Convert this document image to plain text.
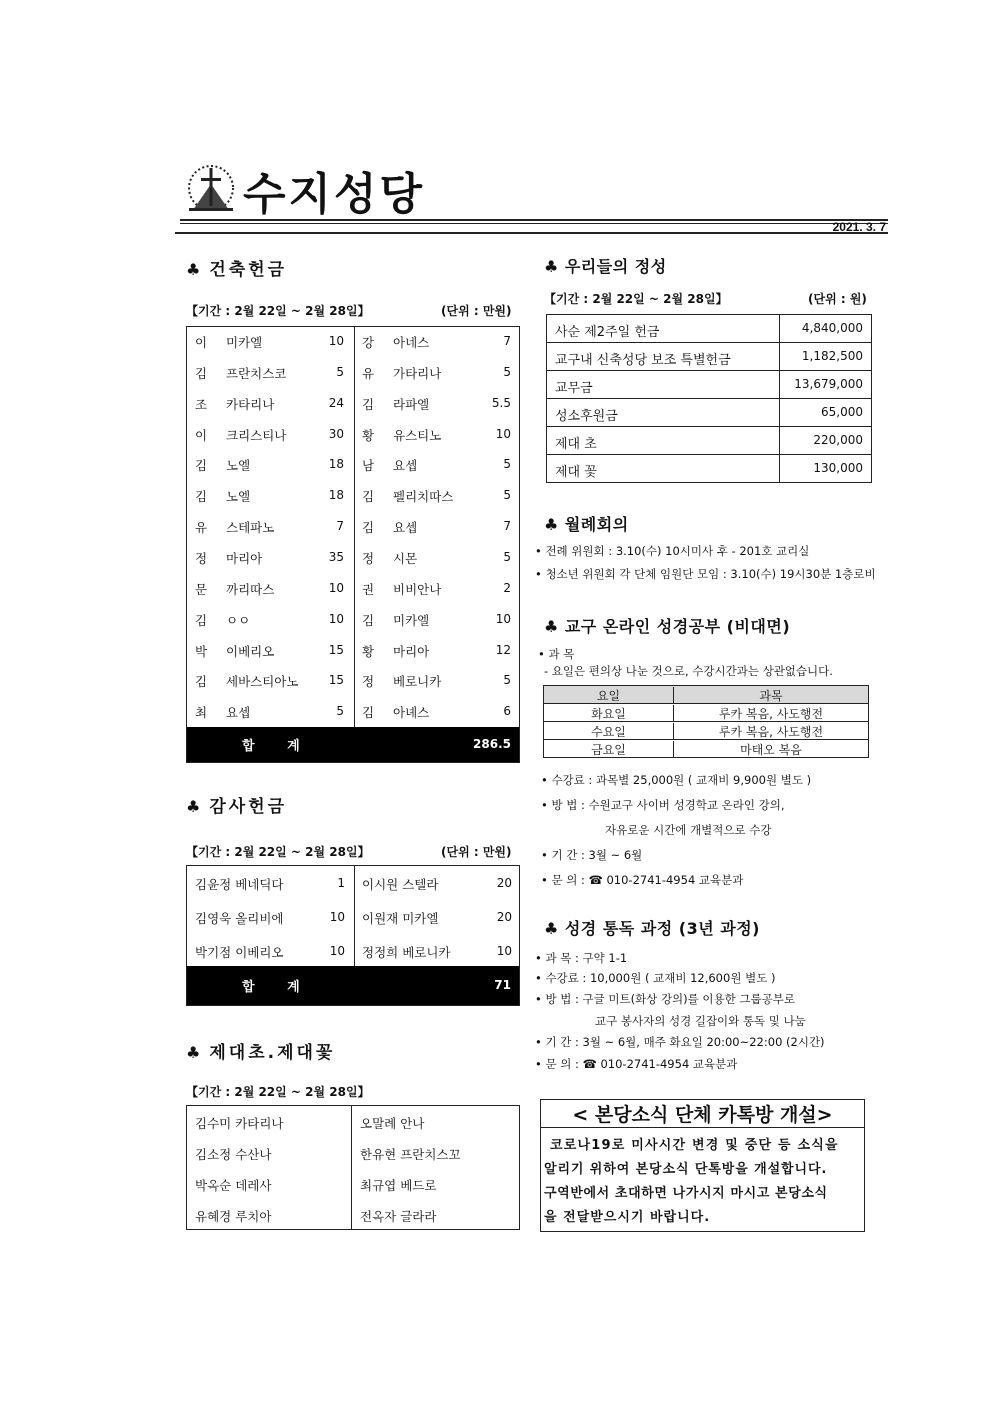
수지성당
2021. 3. 7
♣ 건축헌금
【기간 : 2월 22일 ~ 2월 28일】	(단위 : 만원)
이 미카엘	10 강 아네스	7
김 프란치스코	5 유 가타리나	5
조 카타리나	24 김 라파엘	5.5
이 크리스티나	30 황 유스티노	10
김 노엘	18 남 요셉	5
김 노엘	18 김 펠리치따스	5
유 스테파노	7 김 요셉	7
정 마리아	35 정 시몬	5
문 까리따스	10 권 비비안나	2
김 ㅇㅇ	10 김 미카엘	10
박 이베리오	15 황 마리아	12
김 세바스티아노	15 정 베로니카	5
최 요셉	5 김 아녜스	6
합 계	286.5
♣ 감사헌금
【기간 : 2월 22일 ~ 2월 28일】	(단위 : 만원)
김윤정 베네딕다	1 이시원 스텔라	20
김영욱 올리비에	10 이원재 미카엘	20
박기점 이베리오	10 정정희 베로니카	10
합 계	71
♣ 제대초.제대꽃
【기간 : 2월 22일 ~ 2월 28일】
김수미 카타리나	오말례 안나
김소정 수산나	한유현 프란치스꼬
박옥순 데레사	최규엽 베드로
유혜경 루치아	전옥자 글라라
♣ 우리들의 정성
【기간 : 2월 22일 ~ 2월 28일】	(단위 : 원)
사순 제2주일 헌금	4,840,000
교구내 신축성당 보조 특별헌금	1,182,500
교무금	13,679,000
성소후원금	65,000
제대 초	220,000
제대 꽃	130,000
♣ 월례회의
• 전례 위원회 : 3.10(수) 10시미사 후 - 201호 교리실
• 청소년 위원회 각 단체 임원단 모임 : 3.10(수) 19시30분 1층로비
♣ 교구 온라인 성경공부 (비대면)
• 과 목
- 요일은 편의상 나눈 것으로, 수강시간과는 상관없습니다.
요일	과목
화요일	루카 복음, 사도행전
수요일	루카 복음, 사도행전
금요일	마태오 복음
• 수강료 : 과목별 25,000원 ( 교재비 9,900원 별도 )
• 방 법 : 수원교구 사이버 성경학교 온라인 강의,
자유로운 시간에 개별적으로 수강
• 기 간 : 3월 ~ 6월
• 문 의 : ☎ 010-2741-4954 교육분과
♣ 성경 통독 과정 (3년 과정)
• 과 목 : 구약 1-1
• 수강료 : 10,000원 ( 교재비 12,600원 별도 )
• 방 법 : 구글 미트(화상 강의)를 이용한 그룹공부로
교구 봉사자의 성경 길잡이와 통독 및 나눔
• 기 간 : 3월 ~ 6월, 매주 화요일 20:00~22:00 (2시간)
• 문 의 : ☎ 010-2741-4954 교육분과
< 본당소식 단체 카톡방 개설>
코로나19로 미사시간 변경 및 중단 등 소식을
알리기 위하여 본당소식 단톡방을 개설합니다.
구역반에서 초대하면 나가시지 마시고 본당소식
을 전달받으시기 바랍니다.
